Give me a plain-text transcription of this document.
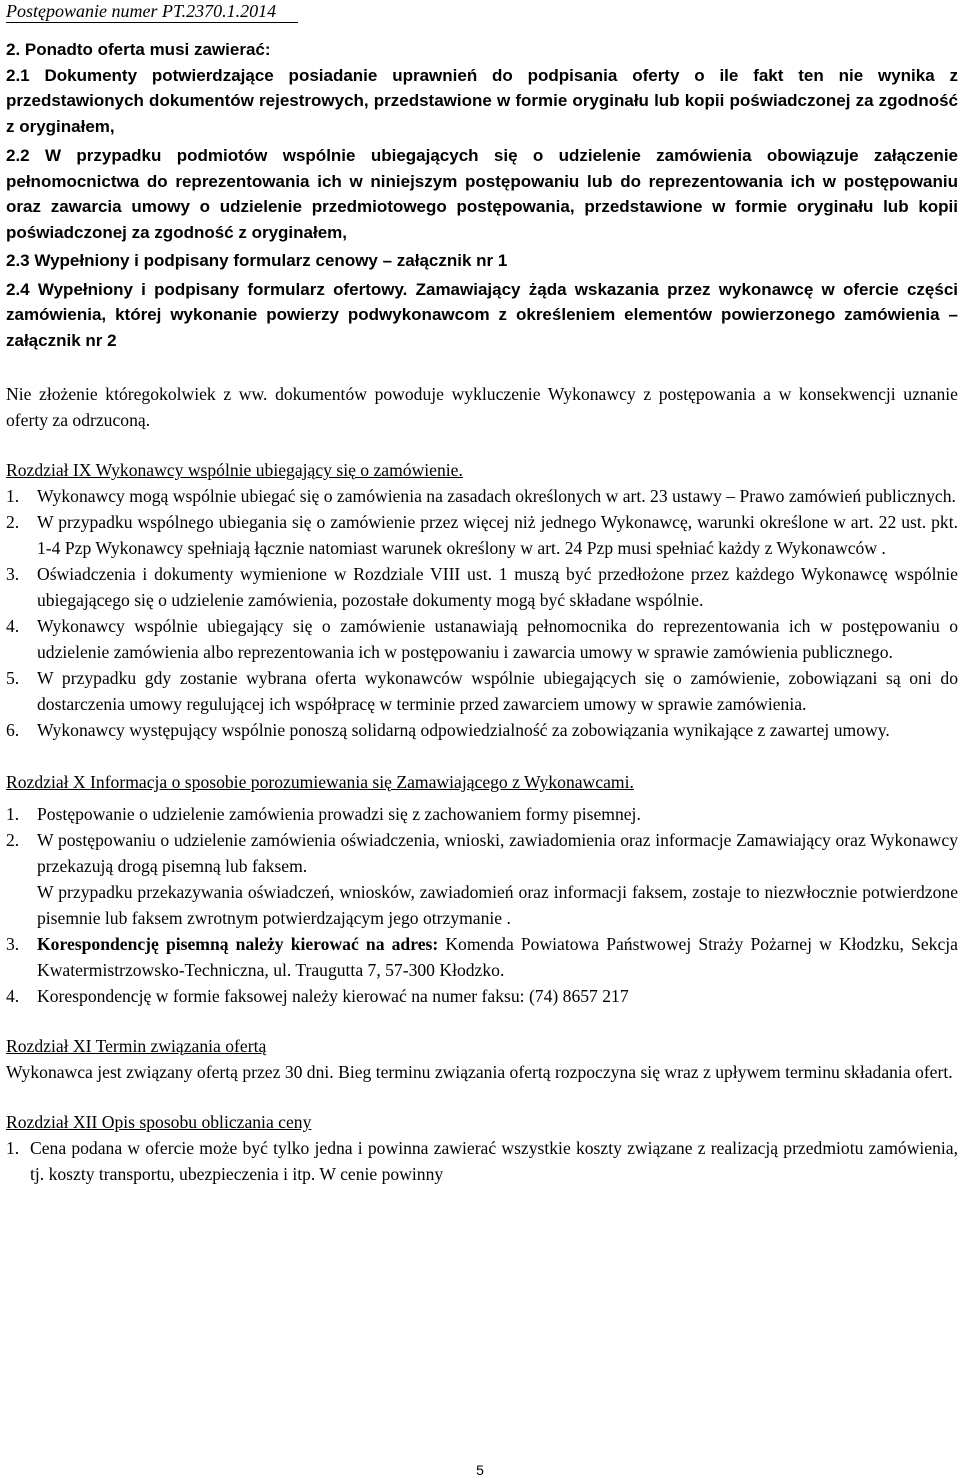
Postępowanie numer PT.2370.1.2014

2. Ponadto oferta musi zawierać:

2.1 Dokumenty potwierdzające posiadanie uprawnień do podpisania oferty o ile fakt ten nie wynika z przedstawionych dokumentów rejestrowych, przedstawione w formie oryginału lub kopii poświadczonej za zgodność z oryginałem,

2.2 W przypadku podmiotów wspólnie ubiegających się o udzielenie zamówienia obowiązuje załączenie pełnomocnictwa do reprezentowania ich w niniejszym postępowaniu lub do reprezentowania ich w postępowaniu oraz zawarcia umowy o udzielenie przedmiotowego postępowania, przedstawione w formie oryginału lub kopii poświadczonej za zgodność z oryginałem,

2.3 Wypełniony i podpisany formularz cenowy – załącznik nr 1

2.4 Wypełniony i podpisany formularz ofertowy. Zamawiający żąda wskazania przez wykonawcę w ofercie części zamówienia, której wykonanie powierzy podwykonawcom z określeniem elementów powierzonego zamówienia – załącznik nr 2

Nie złożenie któregokolwiek z ww. dokumentów powoduje wykluczenie Wykonawcy z postępowania a w konsekwencji uznanie oferty za odrzuconą.

Rozdział IX Wykonawcy wspólnie ubiegający się o zamówienie.

1.	Wykonawcy mogą wspólnie ubiegać się o zamówienia na zasadach określonych w art. 23 ustawy – Prawo zamówień publicznych.
2.	W przypadku wspólnego ubiegania się o zamówienie przez więcej niż jednego Wykonawcę, warunki określone w art. 22 ust. pkt. 1-4 Pzp Wykonawcy spełniają łącznie natomiast warunek określony w art. 24 Pzp musi spełniać każdy z Wykonawców .
3.	Oświadczenia i dokumenty wymienione w Rozdziale VIII ust. 1 muszą być przedłożone przez każdego Wykonawcę wspólnie ubiegającego się o udzielenie zamówienia, pozostałe dokumenty mogą być składane wspólnie.
4.	Wykonawcy wspólnie ubiegający się o zamówienie ustanawiają pełnomocnika do reprezentowania ich w postępowaniu o udzielenie zamówienia albo reprezentowania ich w postępowaniu i zawarcia umowy w sprawie zamówienia publicznego.
5.	W przypadku gdy zostanie wybrana oferta wykonawców wspólnie ubiegających się o zamówienie, zobowiązani są oni do dostarczenia umowy regulującej ich współpracę w terminie przed zawarciem umowy w sprawie zamówienia.
6.	Wykonawcy występujący wspólnie ponoszą solidarną odpowiedzialność za zobowiązania wynikające z zawartej umowy.

Rozdział X Informacja o sposobie porozumiewania się Zamawiającego z Wykonawcami.

1.	Postępowanie o udzielenie zamówienia prowadzi się z zachowaniem formy pisemnej.
2.	W postępowaniu o udzielenie zamówienia oświadczenia, wnioski, zawiadomienia oraz informacje Zamawiający oraz Wykonawcy przekazują drogą pisemną lub faksem.
W przypadku przekazywania oświadczeń, wniosków, zawiadomień oraz informacji faksem, zostaje to niezwłocznie potwierdzone pisemnie lub faksem zwrotnym potwierdzającym jego otrzymanie .
3.	Korespondencję pisemną należy kierować na adres: Komenda Powiatowa Państwowej Straży Pożarnej w Kłodzku, Sekcja Kwatermistrzowsko-Techniczna, ul. Traugutta 7, 57-300 Kłodzko.
4.	Korespondencję w formie faksowej należy kierować na numer faksu: (74) 8657 217

Rozdział XI Termin związania ofertą

Wykonawca jest związany ofertą przez 30 dni. Bieg terminu związania ofertą rozpoczyna się wraz z upływem terminu składania ofert.

Rozdział XII Opis sposobu obliczania ceny

1. Cena podana w ofercie może być tylko jedna i powinna zawierać wszystkie koszty związane z realizacją przedmiotu zamówienia, tj. koszty transportu, ubezpieczenia i itp. W cenie powinny
5
